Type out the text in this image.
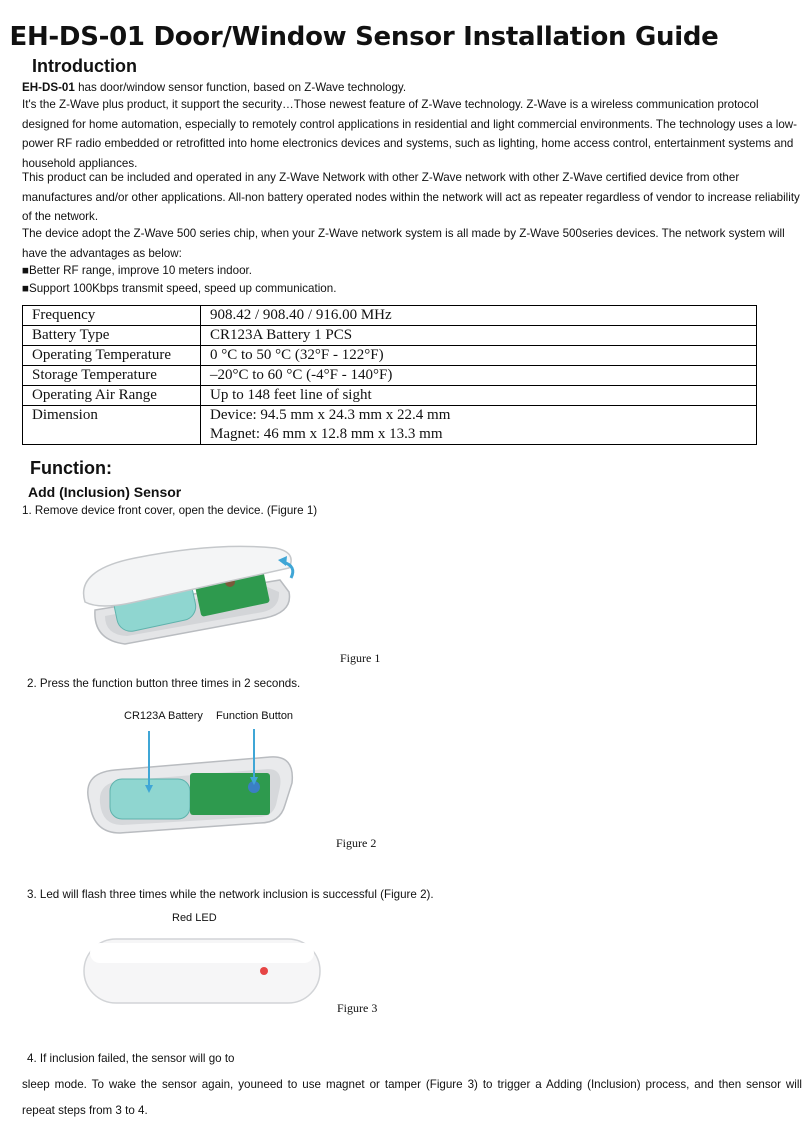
EH-DS-01 Door/Window Sensor Installation Guide
Introduction
EH-DS-01 has door/window sensor function, based on Z-Wave technology.
It's the Z-Wave plus product, it support the security…Those newest feature of Z-Wave technology. Z-Wave is a wireless communication protocol designed for home automation, especially to remotely control applications in residential and light commercial environments. The technology uses a low-power RF radio embedded or retrofitted into home electronics devices and systems, such as lighting, home access control, entertainment systems and household appliances.
This product can be included and operated in any Z-Wave Network with other Z-Wave network with other Z-Wave certified device from other manufactures and/or other applications. All-non battery operated nodes within the network will act as repeater regardless of vendor to increase reliability of the network.
The device adopt the Z-Wave 500 series chip, when your Z-Wave network system is all made by Z-Wave 500series devices. The network system will have the advantages as below:
■Better RF range, improve 10 meters indoor.
■Support 100Kbps transmit speed, speed up communication.
Frequency	908.42 / 908.40 / 916.00 MHz
Battery Type	CR123A Battery 1 PCS
Operating Temperature	0 °C to 50 °C (32°F - 122°F)
Storage Temperature	–20°C to 60 °C (-4°F - 140°F)
Operating Air Range	Up to 148 feet line of sight
Dimension	Device: 94.5 mm x 24.3 mm x 22.4 mm
Magnet: 46 mm x 12.8 mm x 13.3 mm
Function:
Add (Inclusion) Sensor
1. Remove device front cover, open the device. (Figure 1)
Figure 1
2. Press the function button three times in 2 seconds.
CR123A Battery Function Button
Figure 2
3. Led will flash three times while the network inclusion is successful (Figure 2).
Red LED
Figure 3
4. If inclusion failed, the sensor will go to
sleep mode. To wake the sensor again, youneed to use magnet or tamper (Figure 3) to trigger a Adding (Inclusion) process, and then sensor will
repeat steps from 3 to 4.
